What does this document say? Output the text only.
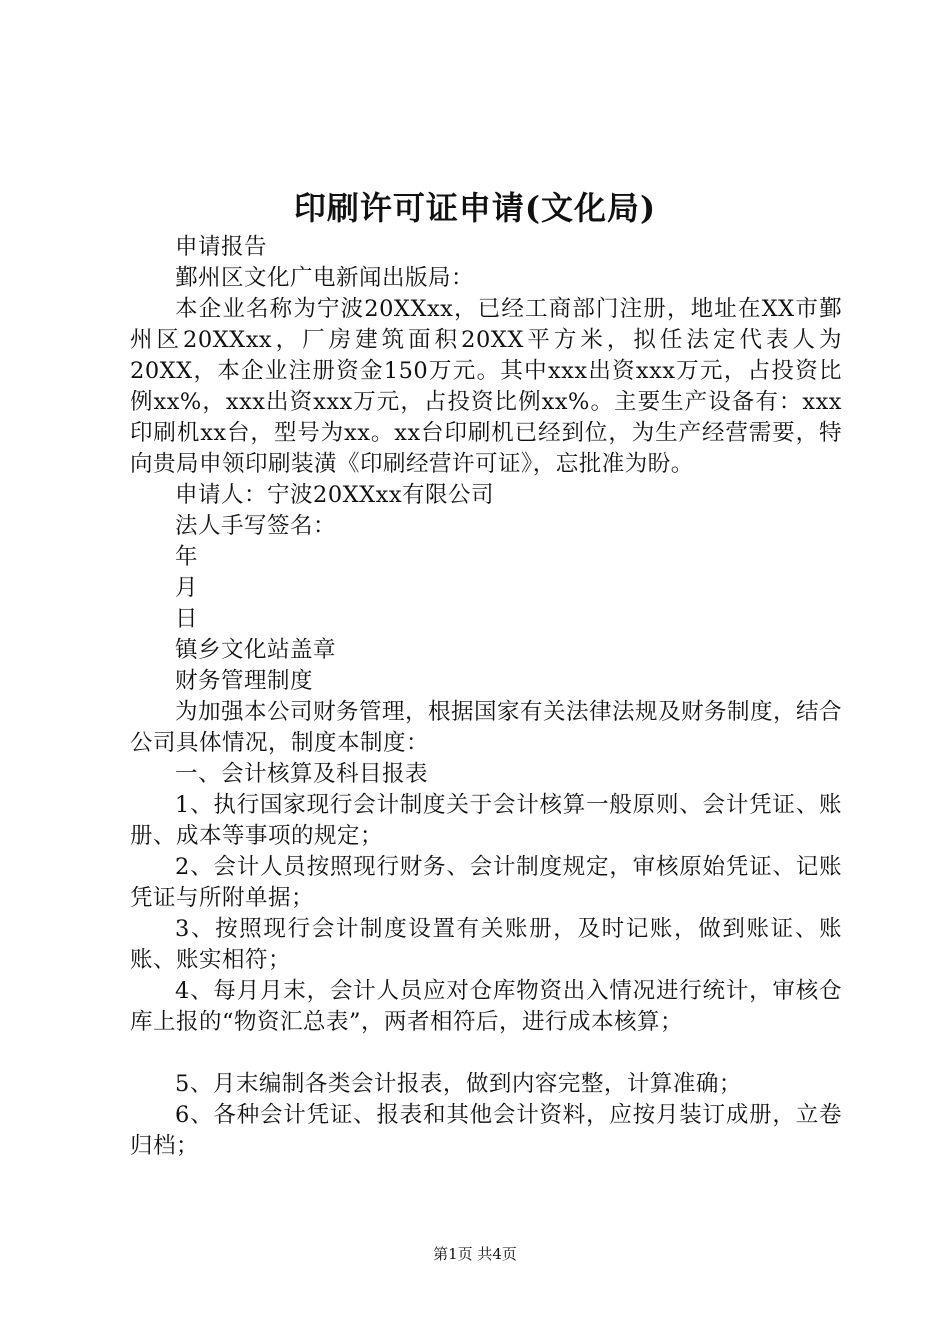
印刷许可证申请(文化局)

申请报告

鄞州区文化广电新闻出版局：

本企业名称为宁波20XXxx，已经工商部门注册，地址在XX市鄞州区20XXxx，厂房建筑面积20XX平方米，拟任法定代表人为20XX，本企业注册资金150万元。其中xxx出资xxx万元，占投资比例xx%，xxx出资xxx万元，占投资比例xx%。主要生产设备有：xxx印刷机xx台，型号为xx。xx台印刷机已经到位，为生产经营需要，特向贵局申领印刷装潢《印刷经营许可证》，忘批准为盼。

申请人：宁波20XXxx有限公司

法人手写签名：

年

月

日

镇乡文化站盖章

财务管理制度

为加强本公司财务管理，根据国家有关法律法规及财务制度，结合公司具体情况，制度本制度：

一、会计核算及科目报表

1、执行国家现行会计制度关于会计核算一般原则、会计凭证、账册、成本等事项的规定；

2、会计人员按照现行财务、会计制度规定，审核原始凭证、记账凭证与所附单据；

3、按照现行会计制度设置有关账册，及时记账，做到账证、账账、账实相符；

4、每月月末，会计人员应对仓库物资出入情况进行统计，审核仓库上报的“物资汇总表”，两者相符后，进行成本核算；

5、月末编制各类会计报表，做到内容完整，计算准确；

6、各种会计凭证、报表和其他会计资料，应按月装订成册，立卷归档；

第1页 共4页
